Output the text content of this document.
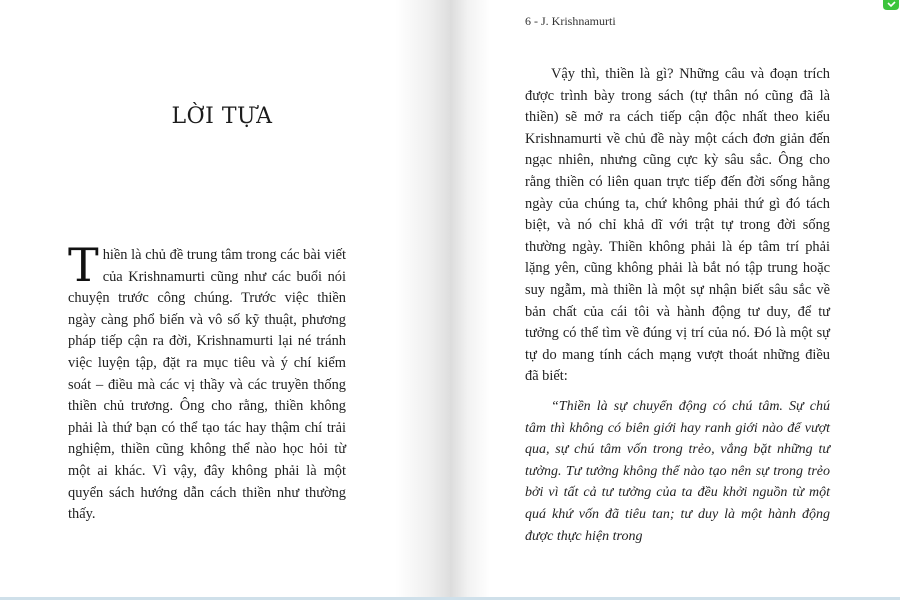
LỜI TỰA

Thiền là chủ đề trung tâm trong các bài viết của Krishnamurti cũng như các buổi nói chuyện trước công chúng. Trước việc thiền ngày càng phổ biến và vô số kỹ thuật, phương pháp tiếp cận ra đời, Krishnamurti lại né tránh việc luyện tập, đặt ra mục tiêu và ý chí kiểm soát – điều mà các vị thầy và các truyền thống thiền chủ trương. Ông cho rằng, thiền không phải là thứ bạn có thể tạo tác hay thậm chí trải nghiệm, thiền cũng không thể nào học hỏi từ một ai khác. Vì vậy, đây không phải là một quyển sách hướng dẫn cách thiền như thường thấy.

6 - J. Krishnamurti

Vậy thì, thiền là gì? Những câu và đoạn trích được trình bày trong sách (tự thân nó cũng đã là thiền) sẽ mở ra cách tiếp cận độc nhất theo kiểu Krishnamurti về chủ đề này một cách đơn giản đến ngạc nhiên, nhưng cũng cực kỳ sâu sắc. Ông cho rằng thiền có liên quan trực tiếp đến đời sống hằng ngày của chúng ta, chứ không phải thứ gì đó tách biệt, và nó chỉ khả dĩ với trật tự trong đời sống thường ngày. Thiền không phải là ép tâm trí phải lặng yên, cũng không phải là bắt nó tập trung hoặc suy ngẫm, mà thiền là một sự nhận biết sâu sắc về bản chất của cái tôi và hành động tư duy, để tư tưởng có thể tìm về đúng vị trí của nó. Đó là một sự tự do mang tính cách mạng vượt thoát những điều đã biết:

“Thiền là sự chuyển động có chú tâm. Sự chú tâm thì không có biên giới hay ranh giới nào để vượt qua, sự chú tâm vốn trong trẻo, vắng bặt những tư tưởng. Tư tưởng không thể nào tạo nên sự trong trẻo bởi vì tất cả tư tưởng của ta đều khởi nguồn từ một quá khứ vốn đã tiêu tan; tư duy là một hành động được thực hiện trong
